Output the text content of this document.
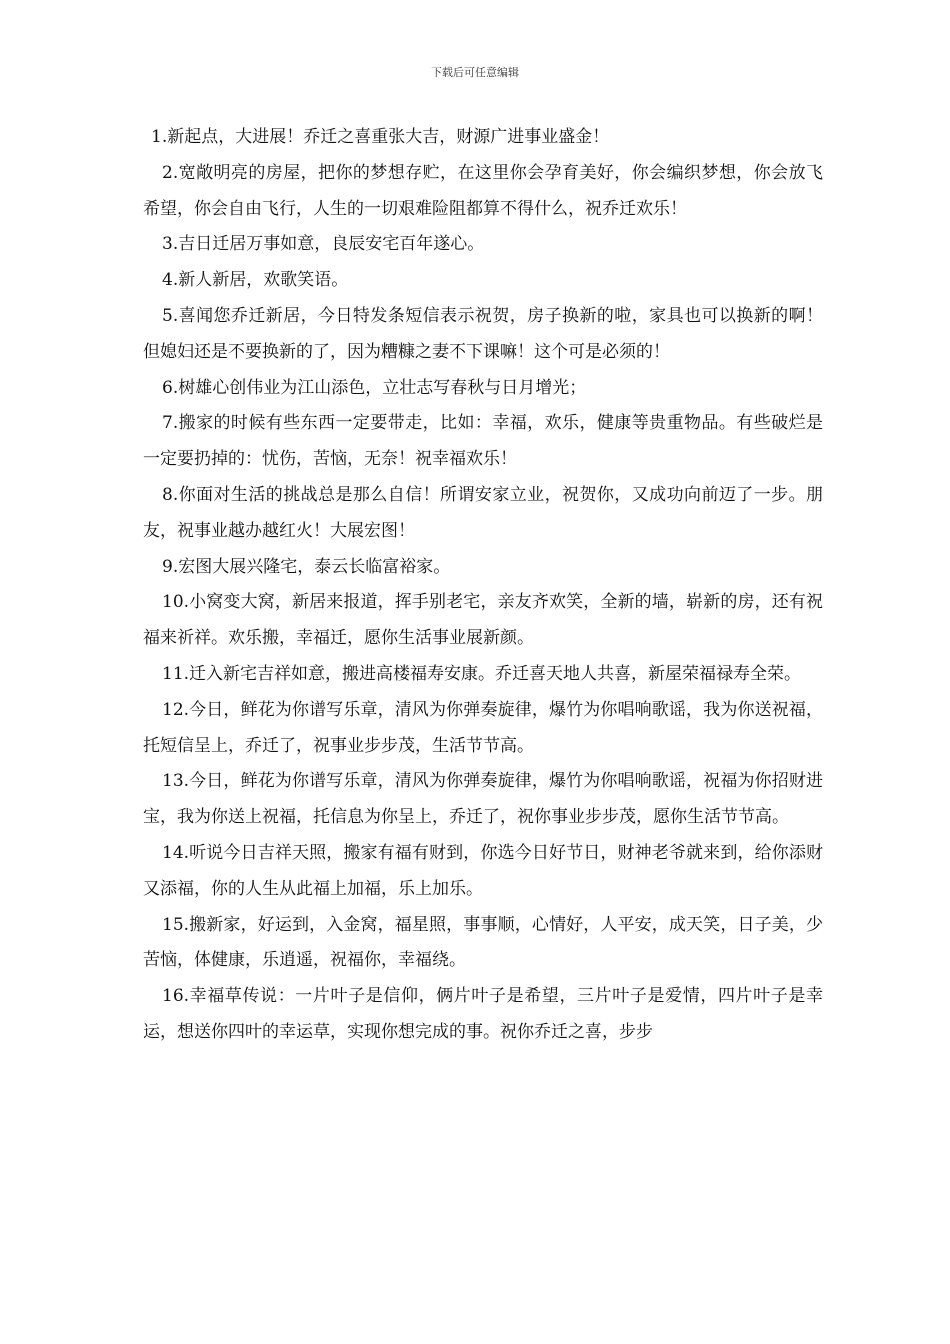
下载后可任意编辑

1.新起点，大进展！乔迁之喜重张大吉，财源广进事业盛金！

2.宽敞明亮的房屋，把你的梦想存贮，在这里你会孕育美好，你会编织梦想，你会放飞希望，你会自由飞行，人生的一切艰难险阻都算不得什么，祝乔迁欢乐！

3.吉日迁居万事如意，良辰安宅百年遂心。

4.新人新居，欢歌笑语。

5.喜闻您乔迁新居，今日特发条短信表示祝贺，房子换新的啦，家具也可以换新的啊！但媳妇还是不要换新的了，因为糟糠之妻不下课嘛！这个可是必须的！

6.树雄心创伟业为江山添色，立壮志写春秋与日月增光；

7.搬家的时候有些东西一定要带走，比如：幸福，欢乐，健康等贵重物品。有些破烂是一定要扔掉的：忧伤，苦恼，无奈！祝幸福欢乐！

8.你面对生活的挑战总是那么自信！所谓安家立业，祝贺你，又成功向前迈了一步。朋友，祝事业越办越红火！大展宏图！

9.宏图大展兴隆宅，泰云长临富裕家。

10.小窝变大窝，新居来报道，挥手别老宅，亲友齐欢笑，全新的墙，崭新的房，还有祝福来祈祥。欢乐搬，幸福迁，愿你生活事业展新颜。

11.迁入新宅吉祥如意，搬进高楼福寿安康。乔迁喜天地人共喜，新屋荣福禄寿全荣。

12.今日，鲜花为你谱写乐章，清风为你弹奏旋律，爆竹为你唱响歌谣，我为你送祝福，托短信呈上，乔迁了，祝事业步步茂，生活节节高。

13.今日，鲜花为你谱写乐章，清风为你弹奏旋律，爆竹为你唱响歌谣，祝福为你招财进宝，我为你送上祝福，托信息为你呈上，乔迁了，祝你事业步步茂，愿你生活节节高。

14.听说今日吉祥天照，搬家有福有财到，你选今日好节日，财神老爷就来到，给你添财又添福，你的人生从此福上加福，乐上加乐。

15.搬新家，好运到，入金窝，福星照，事事顺，心情好，人平安，成天笑，日子美，少苦恼，体健康，乐逍遥，祝福你，幸福绕。

16.幸福草传说：一片叶子是信仰，俩片叶子是希望，三片叶子是爱情，四片叶子是幸运，想送你四叶的幸运草，实现你想完成的事。祝你乔迁之喜，步步
